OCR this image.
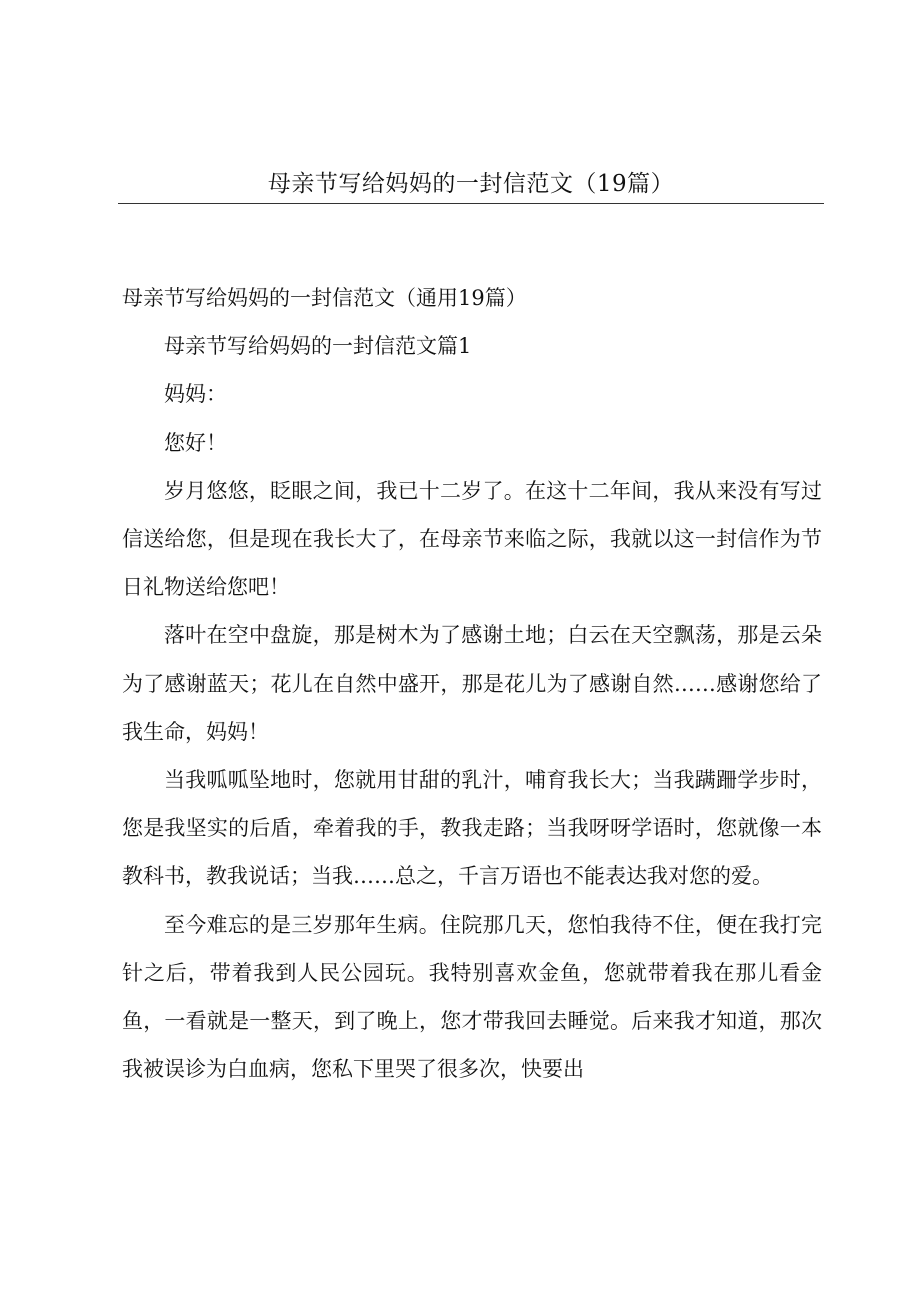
母亲节写给妈妈的一封信范文（19篇）

母亲节写给妈妈的一封信范文（通用19篇）

母亲节写给妈妈的一封信范文篇1

妈妈：

您好！

岁月悠悠，眨眼之间，我已十二岁了。在这十二年间，我从来没有写过信送给您，但是现在我长大了，在母亲节来临之际，我就以这一封信作为节日礼物送给您吧！

落叶在空中盘旋，那是树木为了感谢土地；白云在天空飘荡，那是云朵为了感谢蓝天；花儿在自然中盛开，那是花儿为了感谢自然……感谢您给了我生命，妈妈！

当我呱呱坠地时，您就用甘甜的乳汁，哺育我长大；当我蹒跚学步时，您是我坚实的后盾，牵着我的手，教我走路；当我呀呀学语时，您就像一本教科书，教我说话；当我……总之，千言万语也不能表达我对您的爱。

至今难忘的是三岁那年生病。住院那几天，您怕我待不住，便在我打完针之后，带着我到人民公园玩。我特别喜欢金鱼，您就带着我在那儿看金鱼，一看就是一整天，到了晚上，您才带我回去睡觉。后来我才知道，那次我被误诊为白血病，您私下里哭了很多次，快要出
